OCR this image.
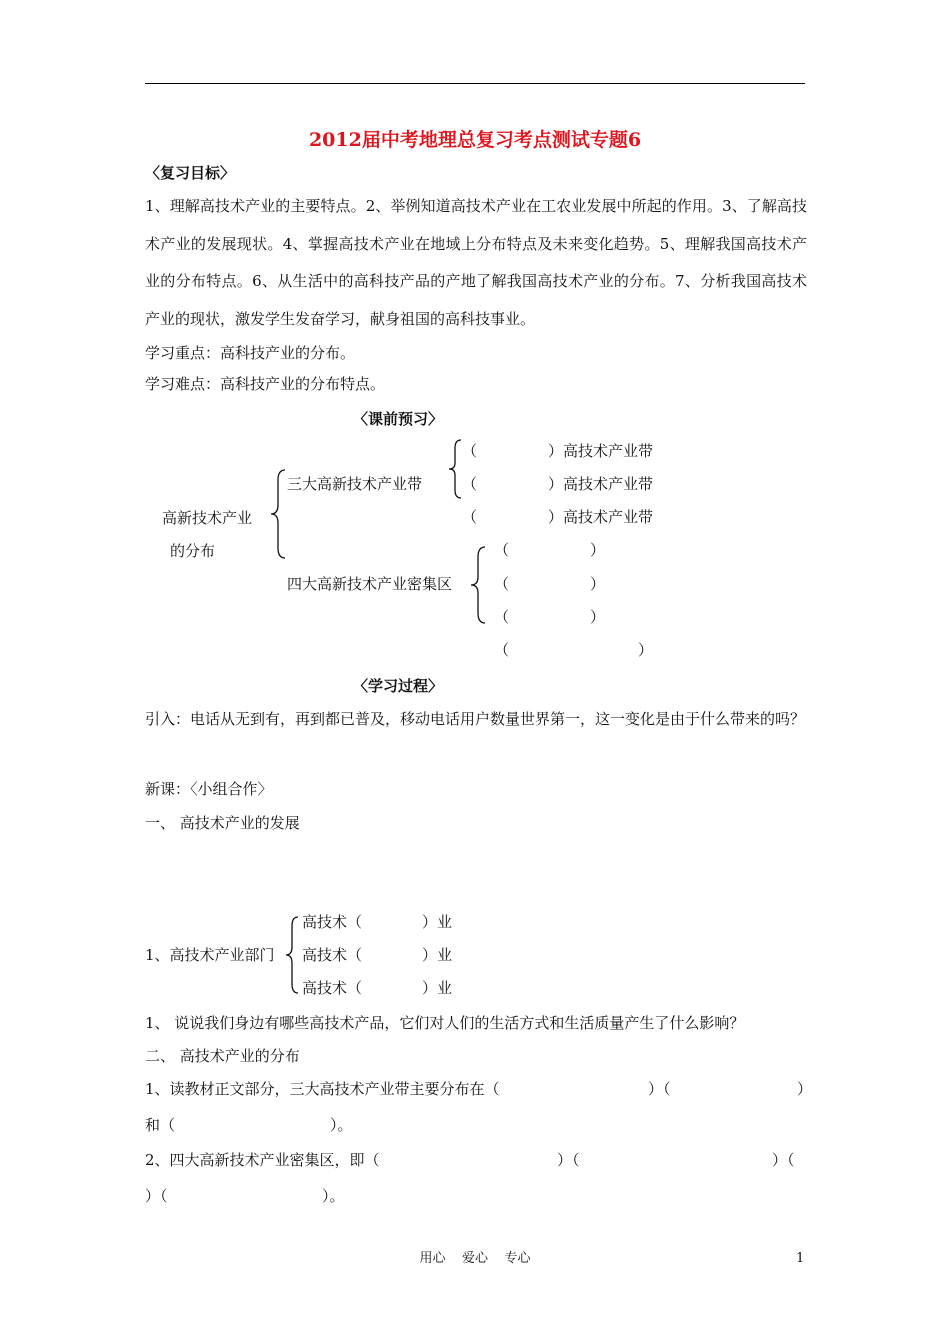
2012届中考地理总复习考点测试专题6
〈复习目标〉
1、理解高技术产业的主要特点。2、举例知道高技术产业在工农业发展中所起的作用。3、了解高技术产业的发展现状。4、掌握高技术产业在地域上分布特点及未来变化趋势。5、理解我国高技术产业的分布特点。6、从生活中的高科技产品的产地了解我国高技术产业的分布。7、分析我国高技术产业的现状，激发学生发奋学习，献身祖国的高科技事业。
学习重点：高科技产业的分布。
学习难点：高科技产业的分布特点。
〈课前预习〉
高新技术产业
的分布
三大高新技术产业带
（	）高技术产业带
（	）高技术产业带
（	）高技术产业带
四大高新技术产业密集区
（	）
（	）
（	）
（	）
〈学习过程〉
引入：电话从无到有，再到都已普及，移动电话用户数量世界第一，这一变化是由于什么带来的吗？
新课：〈小组合作〉
一、 高技术产业的发展
1、高技术产业部门
高技术（	）业
高技术（	）业
高技术（	）业
1、 说说我们身边有哪些高技术产品，它们对人们的生活方式和生活质量产生了什么影响？
二、 高技术产业的分布
1、读教材正文部分，三大高技术产业带主要分布在（	）（	）
和（	）。
2、四大高新技术产业密集区，即（	）（	）（
）（	）。
用心    爱心    专心	1
